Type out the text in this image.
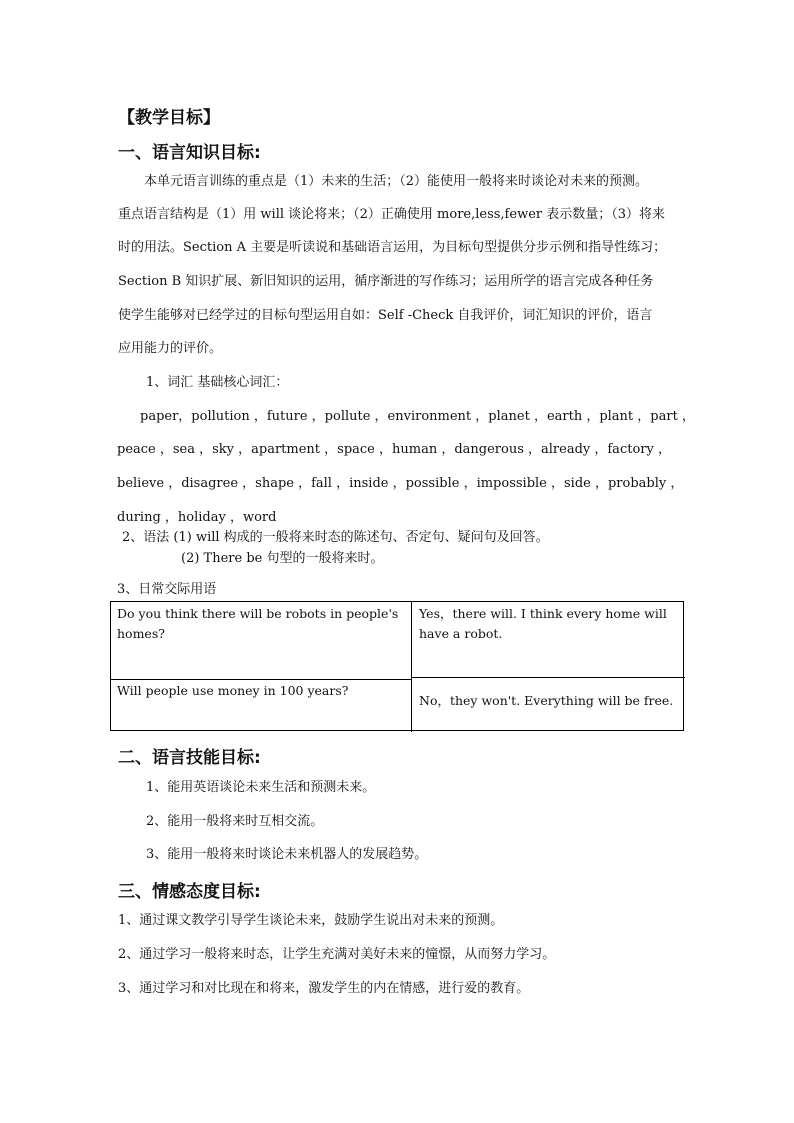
【教学目标】
一、语言知识目标:
本单元语言训练的重点是（1）未来的生活；（2）能使用一般将来时谈论对未来的预测。
重点语言结构是（1）用 will 谈论将来；（2）正确使用 more,less,fewer 表示数量；（3）将来
时的用法。Section A 主要是听读说和基础语言运用，为目标句型提供分步示例和指导性练习；
Section B 知识扩展、新旧知识的运用，循序渐进的写作练习；运用所学的语言完成各种任务
使学生能够对已经学过的目标句型运用自如：Self -Check 自我评价，词汇知识的评价，语言
应用能力的评价。
1、词汇 基础核心词汇：
paper，pollution ，future ，pollute ，environment ，planet ，earth ，plant ，part ，
peace ，sea ，sky ，apartment ，space ，human ，dangerous ，already ，factory ，
believe ，disagree ，shape ，fall ，inside ，possible ，impossible ，side ，probably ，
during ，holiday ，word
2、语法 (1) will 构成的一般将来时态的陈述句、否定句、疑问句及回答。
(2) There be 句型的一般将来时。
3、日常交际用语
Do you think there will be robots in people's homes?
Yes，there will. I think every home will have a robot.
Will people use money in 100 years?
No，they won't. Everything will be free.
二、语言技能目标:
1、能用英语谈论未来生活和预测未来。
2、能用一般将来时互相交流。
3、能用一般将来时谈论未来机器人的发展趋势。
三、情感态度目标:
1、通过课文教学引导学生谈论未来，鼓励学生说出对未来的预测。
2、通过学习一般将来时态，让学生充满对美好未来的憧憬，从而努力学习。
3、通过学习和对比现在和将来，激发学生的内在情感，进行爱的教育。
